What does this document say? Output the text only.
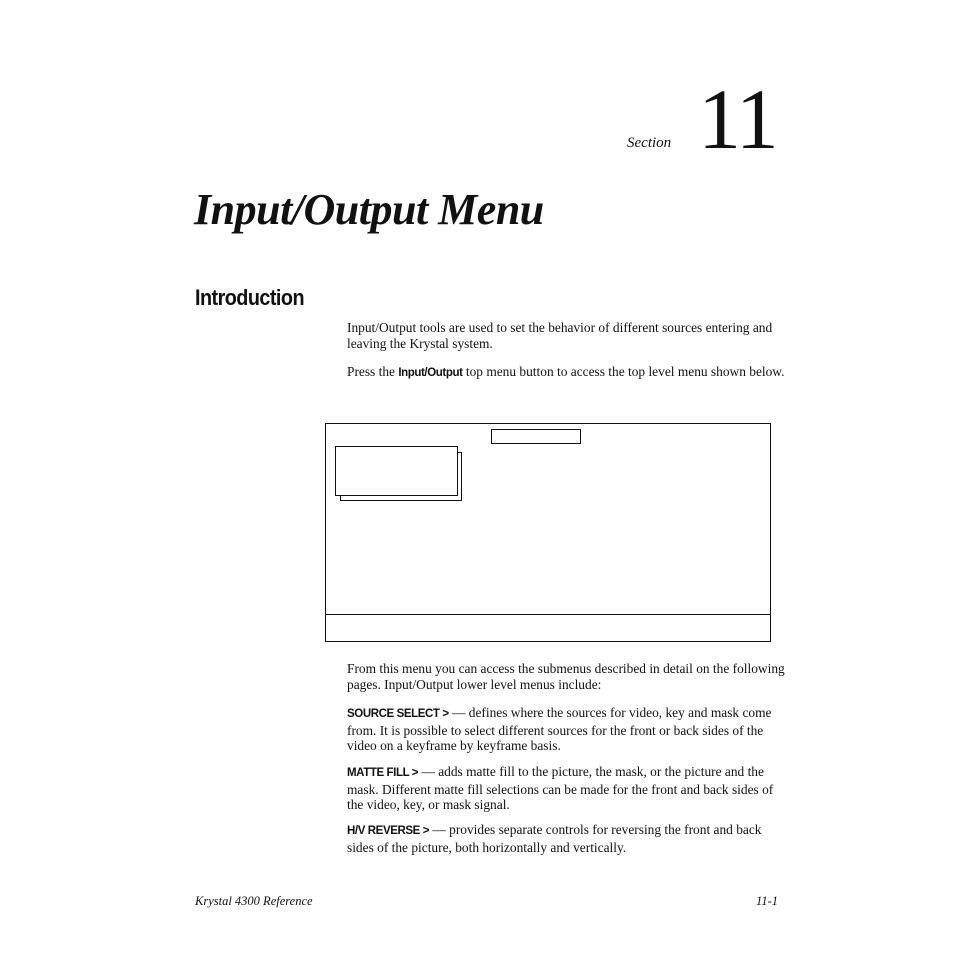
Section 11
Input/Output Menu
Introduction

Input/Output tools are used to set the behavior of different sources entering and leaving the Krystal system.

Press the Input/Output top menu button to access the top level menu shown below.

From this menu you can access the submenus described in detail on the following pages. Input/Output lower level menus include:

SOURCE SELECT > — defines where the sources for video, key and mask come from. It is possible to select different sources for the front or back sides of the video on a keyframe by keyframe basis.

MATTE FILL > — adds matte fill to the picture, the mask, or the picture and the mask. Different matte fill selections can be made for the front and back sides of the video, key, or mask signal.

H/V REVERSE > — provides separate controls for reversing the front and back sides of the picture, both horizontally and vertically.

Krystal 4300 Reference	11-1
